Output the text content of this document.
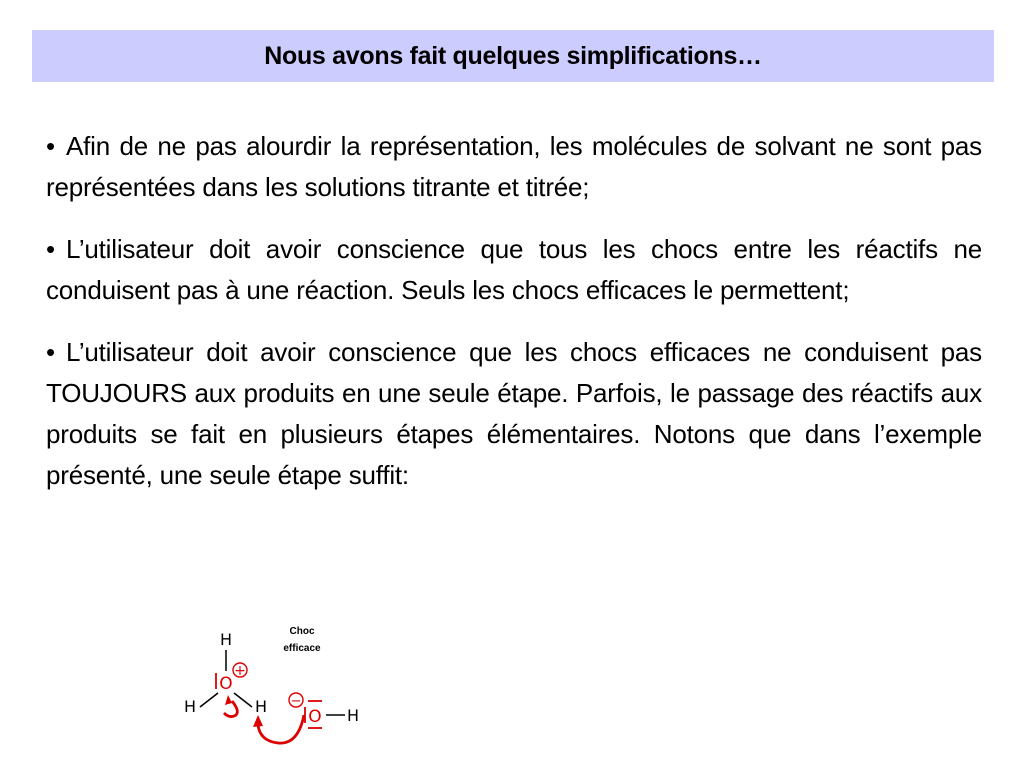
Nous avons fait quelques simplifications…

• Afin de ne pas alourdir la représentation, les molécules de solvant ne sont pas représentées dans les solutions titrante et titrée;

• L’utilisateur doit avoir conscience que tous les chocs entre les réactifs ne conduisent pas à une réaction. Seuls les chocs efficaces le permettent;

• L’utilisateur doit avoir conscience que les chocs efficaces ne conduisent pas TOUJOURS aux produits en une seule étape. Parfois, le passage des réactifs aux produits se fait en plusieurs étapes élémentaires. Notons que dans l’exemple présenté, une seule étape suffit:

Choc
efficace
H
O
+
H	H −
O H
